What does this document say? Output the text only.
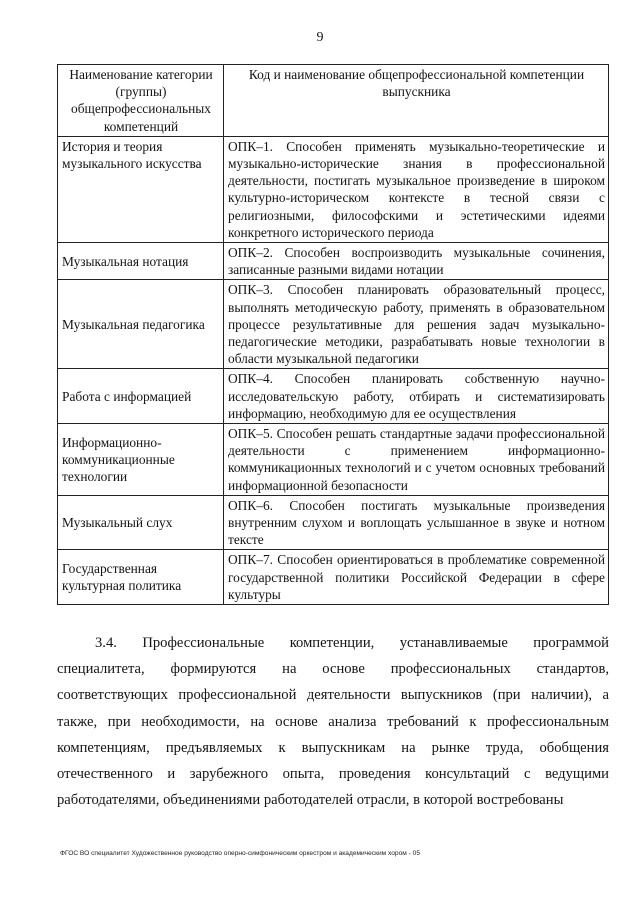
9
Наименование категории (группы) общепрофессиональных компетенций	Код и наименование общепрофессиональной компетенции выпускника
История и теория музыкального искусства	ОПК–1. Способен применять музыкально-теоретические и музыкально-исторические знания в профессиональной деятельности, постигать музыкальное произведение в широком культурно-историческом контексте в тесной связи с религиозными, философскими и эстетическими идеями конкретного исторического периода
Музыкальная нотация	ОПК–2. Способен воспроизводить музыкальные сочинения, записанные разными видами нотации
Музыкальная педагогика	ОПК–3. Способен планировать образовательный процесс, выполнять методическую работу, применять в образовательном процессе результативные для решения задач музыкально-педагогические методики, разрабатывать новые технологии в области музыкальной педагогики
Работа с информацией	ОПК–4. Способен планировать собственную научно-исследовательскую работу, отбирать и систематизировать информацию, необходимую для ее осуществления
Информационно-коммуникационные технологии	ОПК–5. Способен решать стандартные задачи профессиональной деятельности с применением информационно-коммуникационных технологий и с учетом основных требований информационной безопасности
Музыкальный слух	ОПК–6. Способен постигать музыкальные произведения внутренним слухом и воплощать услышанное в звуке и нотном тексте
Государственная культурная политика	ОПК–7. Способен ориентироваться в проблематике современной государственной политики Российской Федерации в сфере культуры

3.4. Профессиональные компетенции, устанавливаемые программой специалитета, формируются на основе профессиональных стандартов, соответствующих профессиональной деятельности выпускников (при наличии), а также, при необходимости, на основе анализа требований к профессиональным компетенциям, предъявляемых к выпускникам на рынке труда, обобщения отечественного и зарубежного опыта, проведения консультаций с ведущими работодателями, объединениями работодателей отрасли, в которой востребованы

ФГОС ВО специалитет Художественное руководство оперно-симфоническим оркестром и академическим хором - 05
